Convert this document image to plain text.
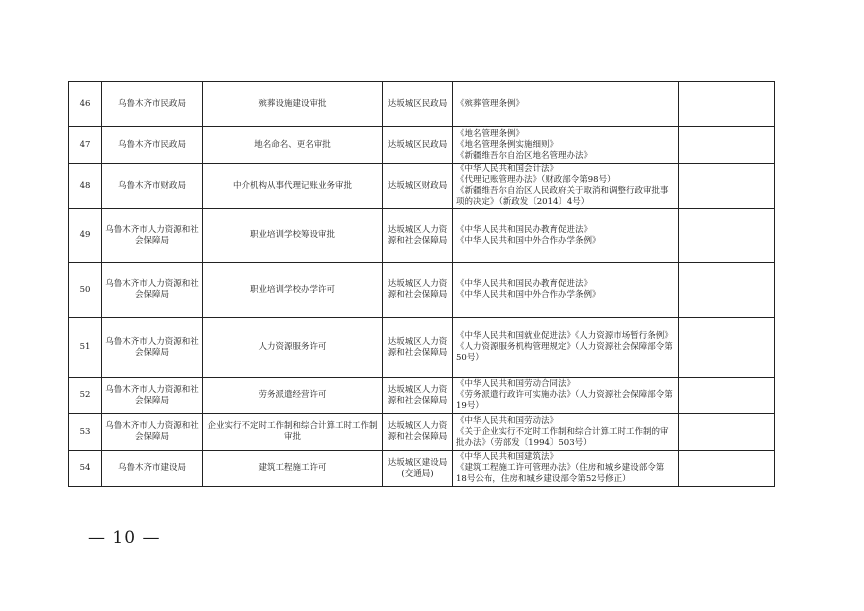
46	乌鲁木齐市民政局	殡葬设施建设审批	达坂城区民政局	《殡葬管理条例》	

47	乌鲁木齐市民政局	地名命名、更名审批	达坂城区民政局	《地名管理条例》
《地名管理条例实施细则》
《新疆维吾尔自治区地名管理办法》	

48	乌鲁木齐市财政局	中介机构从事代理记账业务审批	达坂城区财政局	《中华人民共和国会计法》
《代理记账管理办法》（财政部令第98号）
《新疆维吾尔自治区人民政府关于取消和调整行政审批事项的决定》（新政发〔2014〕4号）	

49	乌鲁木齐市人力资源和社会保障局	职业培训学校筹设审批	达坂城区人力资源和社会保障局	《中华人民共和国民办教育促进法》
《中华人民共和国中外合作办学条例》	

50	乌鲁木齐市人力资源和社会保障局	职业培训学校办学许可	达坂城区人力资源和社会保障局	《中华人民共和国民办教育促进法》
《中华人民共和国中外合作办学条例》	

51	乌鲁木齐市人力资源和社会保障局	人力资源服务许可	达坂城区人力资源和社会保障局	《中华人民共和国就业促进法》《人力资源市场暂行条例》
《人力资源服务机构管理规定》（人力资源社会保障部令第50号）	

52	乌鲁木齐市人力资源和社会保障局	劳务派遣经营许可	达坂城区人力资源和社会保障局	《中华人民共和国劳动合同法》
《劳务派遣行政许可实施办法》（人力资源社会保障部令第19号）	

53	乌鲁木齐市人力资源和社会保障局	企业实行不定时工作制和综合计算工时工作制审批	达坂城区人力资源和社会保障局	《中华人民共和国劳动法》
《关于企业实行不定时工作制和综合计算工时工作制的审批办法》（劳部发〔1994〕503号）	

54	乌鲁木齐市建设局	建筑工程施工许可	达坂城区建设局(交通局)	《中华人民共和国建筑法》
《建筑工程施工许可管理办法》（住房和城乡建设部令第18号公布，住房和城乡建设部令第52号修正）	

— 10 —
